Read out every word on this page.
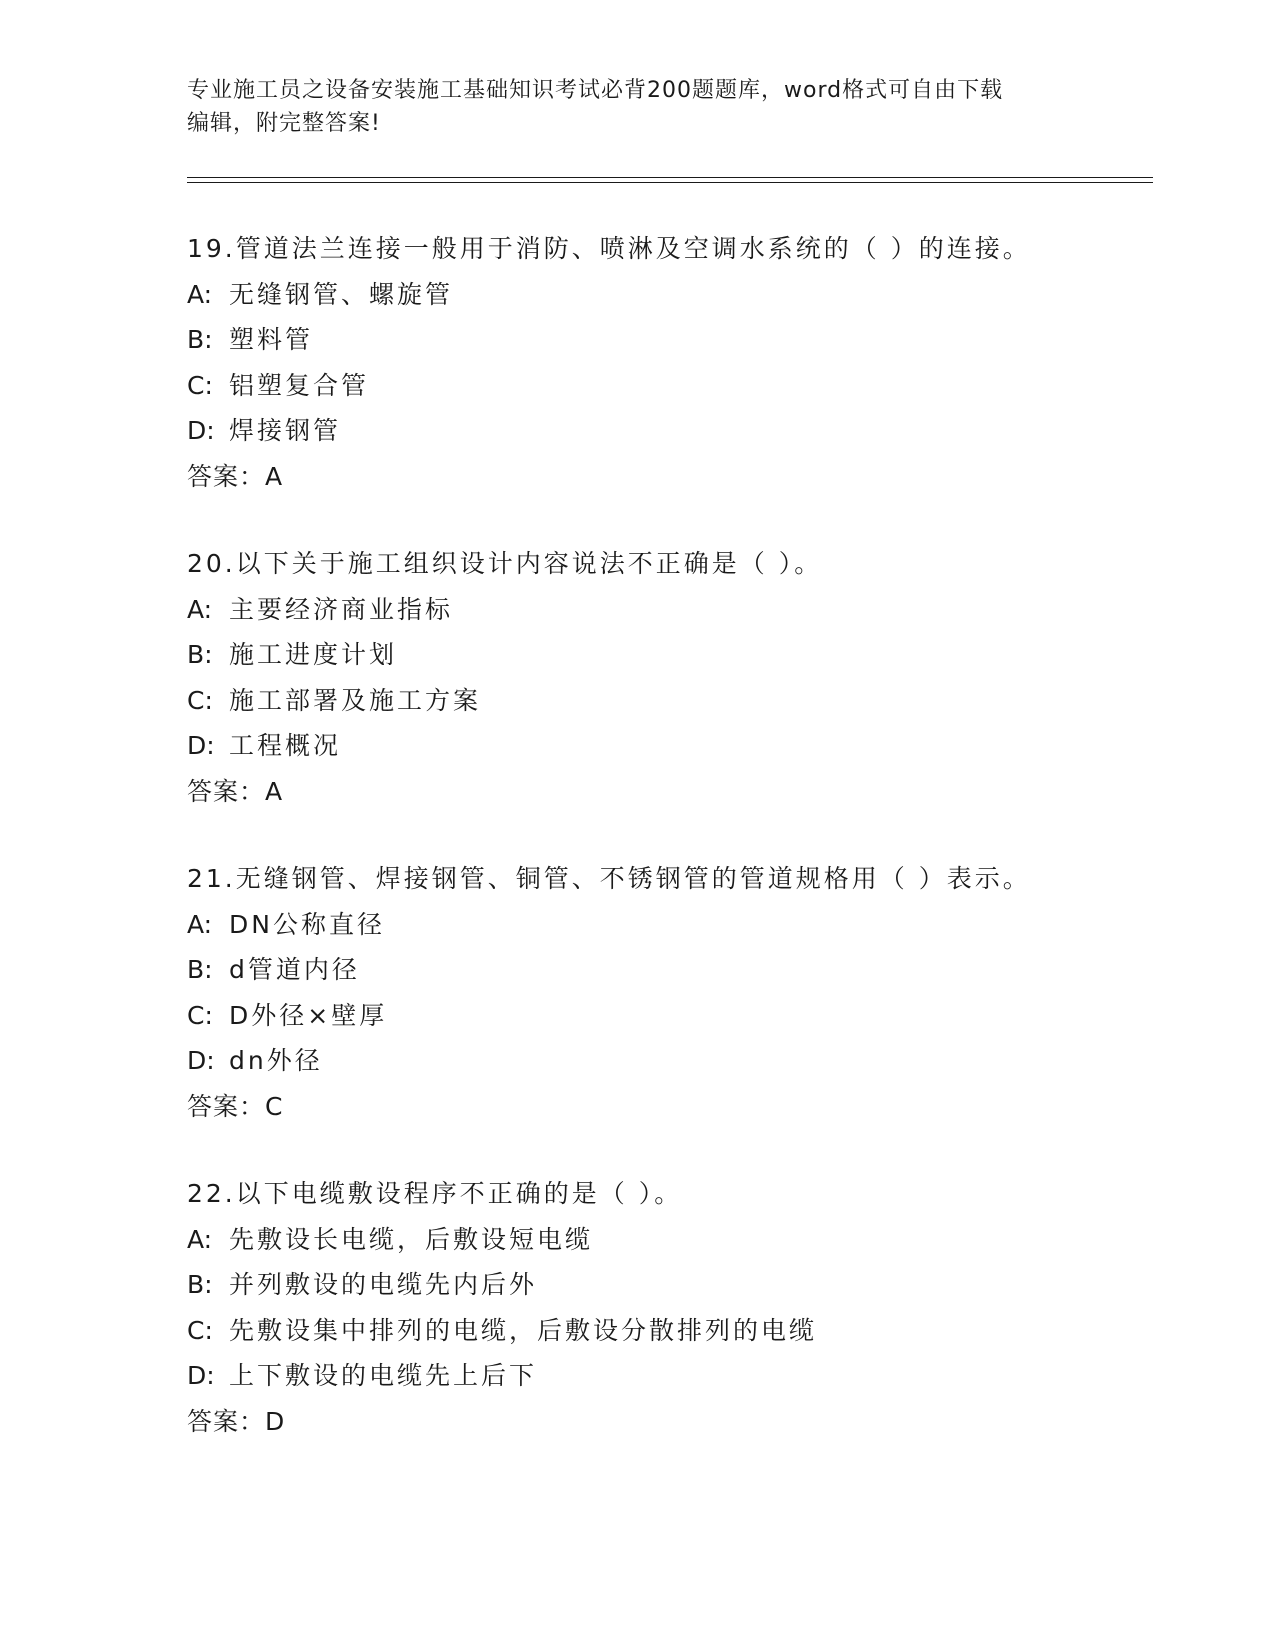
专业施工员之设备安装施工基础知识考试必背200题题库，word格式可自由下载
编辑，附完整答案!
19.管道法兰连接一般用于消防、喷淋及空调水系统的（ ）的连接。
A: 无缝钢管、螺旋管
B: 塑料管
C: 铝塑复合管
D: 焊接钢管
答案：A
20.以下关于施工组织设计内容说法不正确是（ ）。
A: 主要经济商业指标
B: 施工进度计划
C: 施工部署及施工方案
D: 工程概况
答案：A
21.无缝钢管、焊接钢管、铜管、不锈钢管的管道规格用（ ）表示。
A: DN公称直径
B: d管道内径
C: D外径×壁厚
D: dn外径
答案：C
22.以下电缆敷设程序不正确的是（ ）。
A: 先敷设长电缆，后敷设短电缆
B: 并列敷设的电缆先内后外
C: 先敷设集中排列的电缆，后敷设分散排列的电缆
D: 上下敷设的电缆先上后下
答案：D
